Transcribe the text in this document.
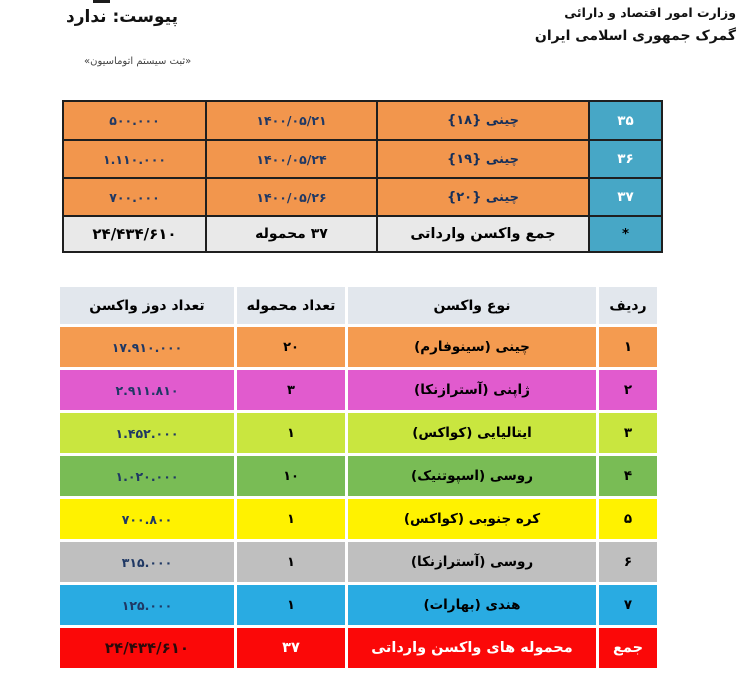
وزارت امور اقتصاد و دارائی
گمرک جمهوری اسلامی ایران
پیوست: ندارد
«ثبت سیستم اتوماسیون»
۳۵	چینی {۱۸}	۱۴۰۰/۰۵/۲۱	۵۰۰.۰۰۰
۳۶	چینی {۱۹}	۱۴۰۰/۰۵/۲۴	۱.۱۱۰.۰۰۰
۳۷	چینی {۲۰}	۱۴۰۰/۰۵/۲۶	۷۰۰.۰۰۰
*	جمع واکسن وارداتی	۳۷ محموله	۲۴/۴۳۴/۶۱۰
ردیف	نوع واکسن	تعداد محموله	تعداد دوز واکسن
۱	چینی (سینوفارم)	۲۰	۱۷.۹۱۰.۰۰۰
۲	ژاپنی (آسترازنکا)	۳	۲.۹۱۱.۸۱۰
۳	ایتالیایی (کواکس)	۱	۱.۴۵۲.۰۰۰
۴	روسی (اسپوتنیک)	۱۰	۱.۰۲۰.۰۰۰
۵	کره جنوبی (کواکس)	۱	۷۰۰.۸۰۰
۶	روسی (آسترازنکا)	۱	۳۱۵.۰۰۰
۷	هندی (بهارات)	۱	۱۲۵.۰۰۰
جمع	محموله های واکسن وارداتی	۳۷	۲۴/۴۳۴/۶۱۰
